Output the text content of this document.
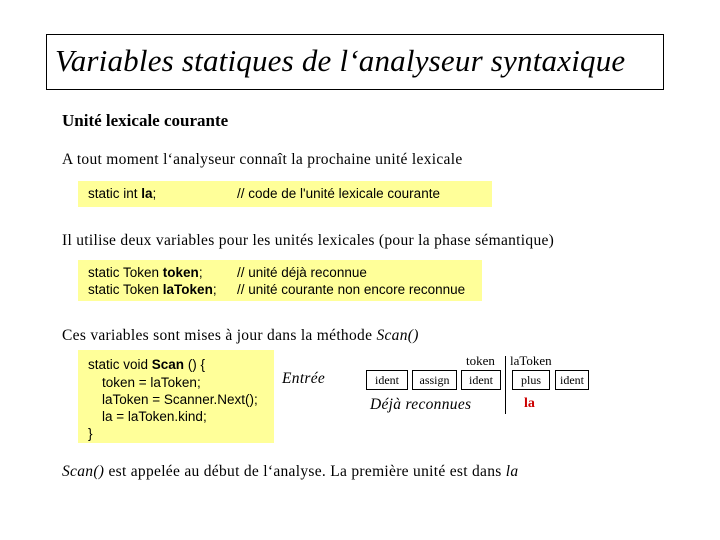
Variables statiques de l‘analyseur syntaxique
Unité lexicale courante
A tout moment l‘analyseur connaît la prochaine unité lexicale
static int la;	// code de l'unité lexicale courante
Il utilise deux variables pour les unités lexicales (pour la phase sémantique)
static Token token;	// unité déjà reconnue
static Token laToken; // unité courante non encore reconnue
Ces variables sont mises à jour dans la méthode Scan()
static void Scan () {
token = laToken;
laToken = Scanner.Next();
la = laToken.kind;
}
Entrée	ident	assign	ident	plus	ident
token laToken
Déjà reconnues	la
Scan() est appelée au début de l‘analyse. La première unité est dans la
